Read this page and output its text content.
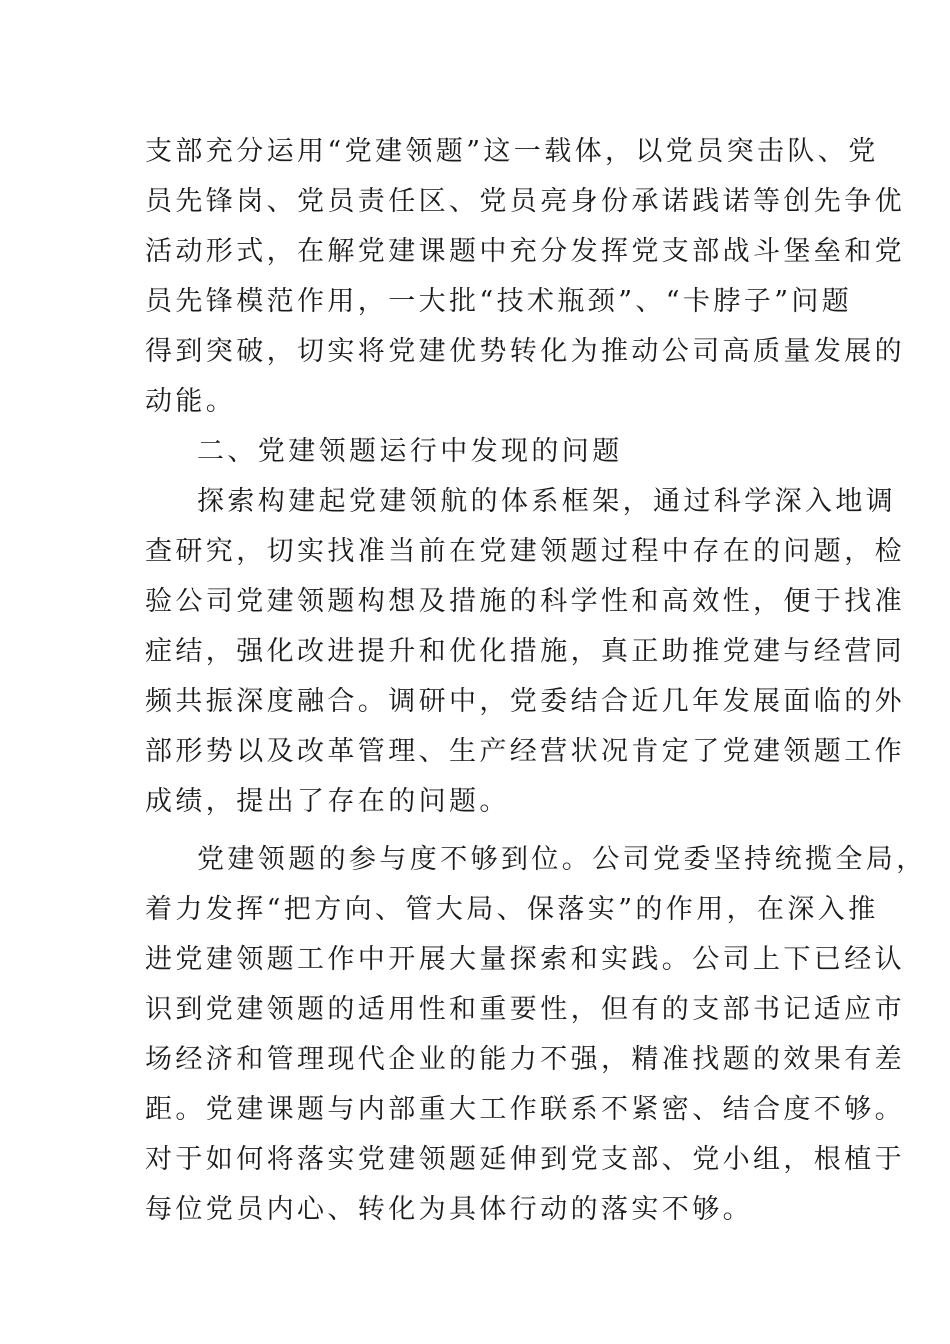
支部充分运用“党建领题”这一载体，以党员突击队、党
员先锋岗、党员责任区、党员亮身份承诺践诺等创先争优
活动形式，在解党建课题中充分发挥党支部战斗堡垒和党
员先锋模范作用，一大批“技术瓶颈”、“卡脖子”问题
得到突破，切实将党建优势转化为推动公司高质量发展的
动能。
二、党建领题运行中发现的问题
探索构建起党建领航的体系框架，通过科学深入地调
查研究，切实找准当前在党建领题过程中存在的问题，检
验公司党建领题构想及措施的科学性和高效性，便于找准
症结，强化改进提升和优化措施，真正助推党建与经营同
频共振深度融合。调研中，党委结合近几年发展面临的外
部形势以及改革管理、生产经营状况肯定了党建领题工作
成绩，提出了存在的问题。
党建领题的参与度不够到位。公司党委坚持统揽全局，
着力发挥“把方向、管大局、保落实”的作用，在深入推
进党建领题工作中开展大量探索和实践。公司上下已经认
识到党建领题的适用性和重要性，但有的支部书记适应市
场经济和管理现代企业的能力不强，精准找题的效果有差
距。党建课题与内部重大工作联系不紧密、结合度不够。
对于如何将落实党建领题延伸到党支部、党小组，根植于
每位党员内心、转化为具体行动的落实不够。
